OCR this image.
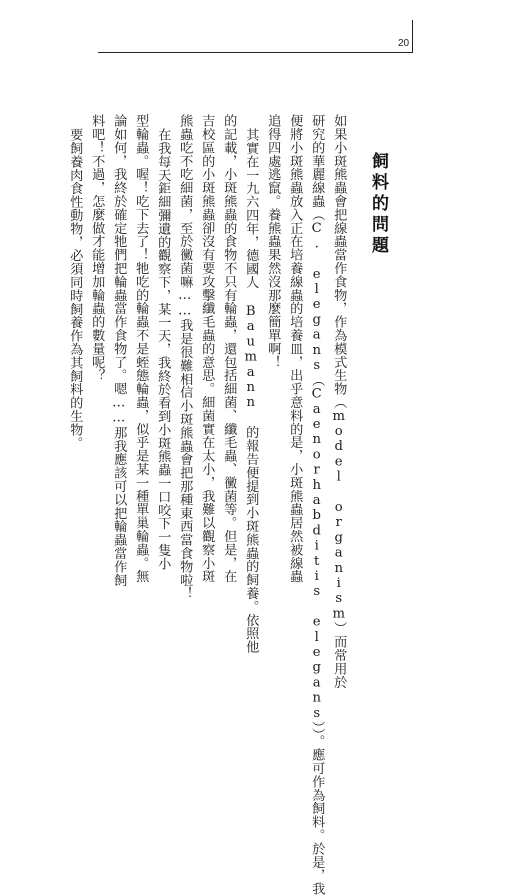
20
飼料的問題
如果小斑熊蟲會把線蟲當作食物，作為模式生物（model organism）而常用於
研究的華麗線蟲（C. elegans（Caenorhabditis elegans））。應可作為飼料。於是，我
便將小斑熊蟲放入正在培養線蟲的培養皿，出乎意料的是，小斑熊蟲居然被線蟲
追得四處逃竄。養熊蟲果然沒那麼簡單啊！
其實在一九六四年，德國人 Baumann 的報告便提到小斑熊蟲的飼養。依照他
的記載，小斑熊蟲的食物不只有輪蟲，還包括細菌、纖毛蟲、黴菌等。但是，在
吉校區的小斑熊蟲卻沒有要攻擊纖毛蟲的意思。細菌實在太小，我難以觀察小斑
熊蟲吃不吃細菌，至於黴菌嘛……我是很難相信小斑熊蟲會把那種東西當食物啦！
在我每天鉅細彌遺的觀察下，某一天，我終於看到小斑熊蟲一口咬下一隻小
型輪蟲。喔！吃下去了！牠吃的輪蟲不是蛭態輪蟲，似乎是某一種單巢輪蟲。無
論如何，我終於確定牠們把輪蟲當作食物了。嗯……那我應該可以把輪蟲當作飼
料吧！不過，怎麼做才能增加輪蟲的數量呢？
要飼養肉食性動物，必須同時飼養作為其飼料的生物。
